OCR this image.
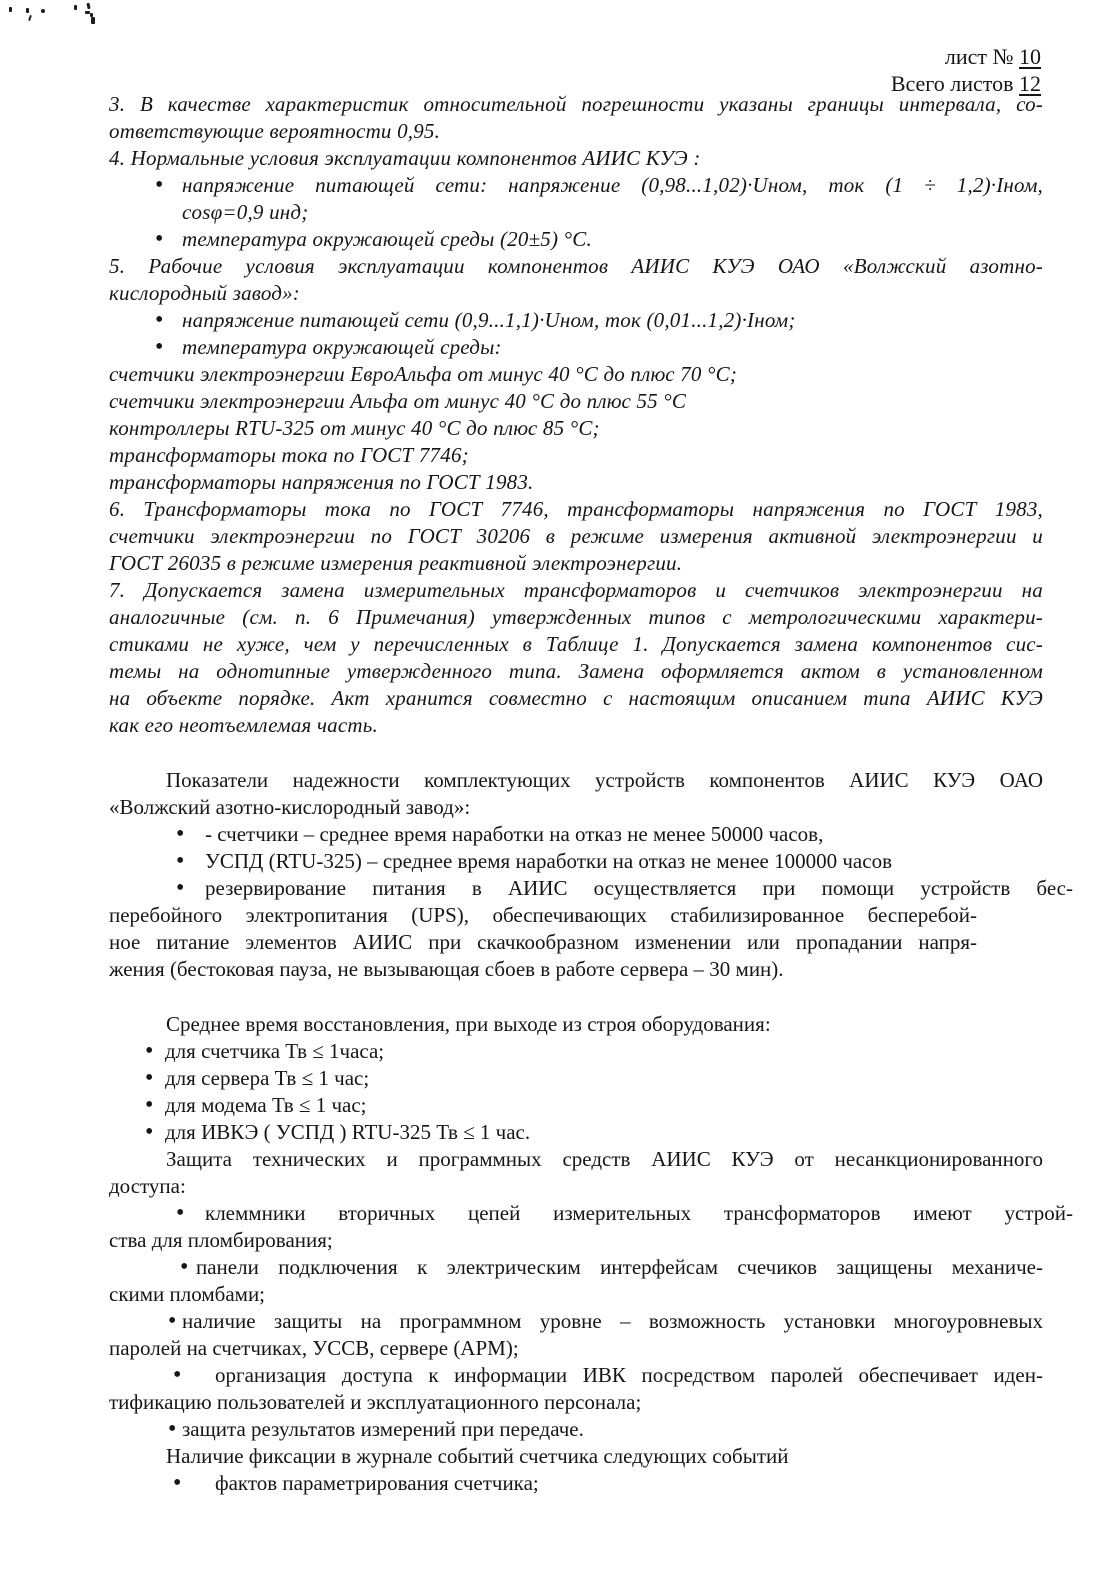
лист № 10
Всего листов 12
3. В качестве характеристик относительной погрешности указаны границы интервала, со-
ответствующие вероятности 0,95.
4. Нормальные условия эксплуатации компонентов АИИС КУЭ :
• напряжение питающей сети: напряжение (0,98...1,02)·Uном, ток (1 ÷ 1,2)·Iном,
cosφ=0,9 инд;
• температура окружающей среды (20±5) °С.
5. Рабочие условия эксплуатации компонентов АИИС КУЭ ОАО «Волжский азотно-
кислородный завод»:
• напряжение питающей сети (0,9...1,1)·Uном, ток (0,01...1,2)·Iном;
• температура окружающей среды:
счетчики электроэнергии ЕвроАльфа от минус 40 °С до плюс 70 °С;
счетчики электроэнергии Альфа от минус 40 °С до плюс 55 °С
контроллеры RTU-325 от минус 40 °С до плюс 85 °С;
трансформаторы тока по ГОСТ 7746;
трансформаторы напряжения по ГОСТ 1983.
6. Трансформаторы тока по ГОСТ 7746, трансформаторы напряжения по ГОСТ 1983,
счетчики электроэнергии по ГОСТ 30206 в режиме измерения активной электроэнергии и
ГОСТ 26035 в режиме измерения реактивной электроэнергии.
7. Допускается замена измерительных трансформаторов и счетчиков электроэнергии на
аналогичные (см. п. 6 Примечания) утвержденных типов с метрологическими характери-
стиками не хуже, чем у перечисленных в Таблице 1. Допускается замена компонентов сис-
темы на однотипные утвержденного типа. Замена оформляется актом в установленном
на объекте порядке. Акт хранится совместно с настоящим описанием типа АИИС КУЭ
как его неотъемлемая часть.
Показатели надежности комплектующих устройств компонентов АИИС КУЭ ОАО
«Волжский азотно-кислородный завод»:
• - счетчики – среднее время наработки на отказ не менее 50000 часов,
• УСПД (RTU-325) – среднее время наработки на отказ не менее 100000 часов
• резервирование питания в АИИС осуществляется при помощи устройств бес-
перебойного электропитания (UPS), обеспечивающих стабилизированное бесперебой-
ное питание элементов АИИС при скачкообразном изменении или пропадании напря-
жения (бестоковая пауза, не вызывающая сбоев в работе сервера – 30 мин).
Среднее время восстановления, при выходе из строя оборудования:
• для счетчика Тв ≤ 1часа;
• для сервера Тв ≤ 1 час;
• для модема Тв ≤ 1 час;
• для ИВКЭ ( УСПД ) RTU-325 Тв ≤ 1 час.
Защита технических и программных средств АИИС КУЭ от несанкционированного
доступа:
• клеммники вторичных цепей измерительных трансформаторов имеют устрой-
ства для пломбирования;
• панели подключения к электрическим интерфейсам счечиков защищены механиче-
скими пломбами;
• наличие защиты на программном уровне – возможность установки многоуровневых
паролей на счетчиках, УССВ, сервере (АРМ);
• организация доступа к информации ИВК посредством паролей обеспечивает иден-
тификацию пользователей и эксплуатационного персонала;
• защита результатов измерений при передаче.
Наличие фиксации в журнале событий счетчика следующих событий
• фактов параметрирования счетчика;
